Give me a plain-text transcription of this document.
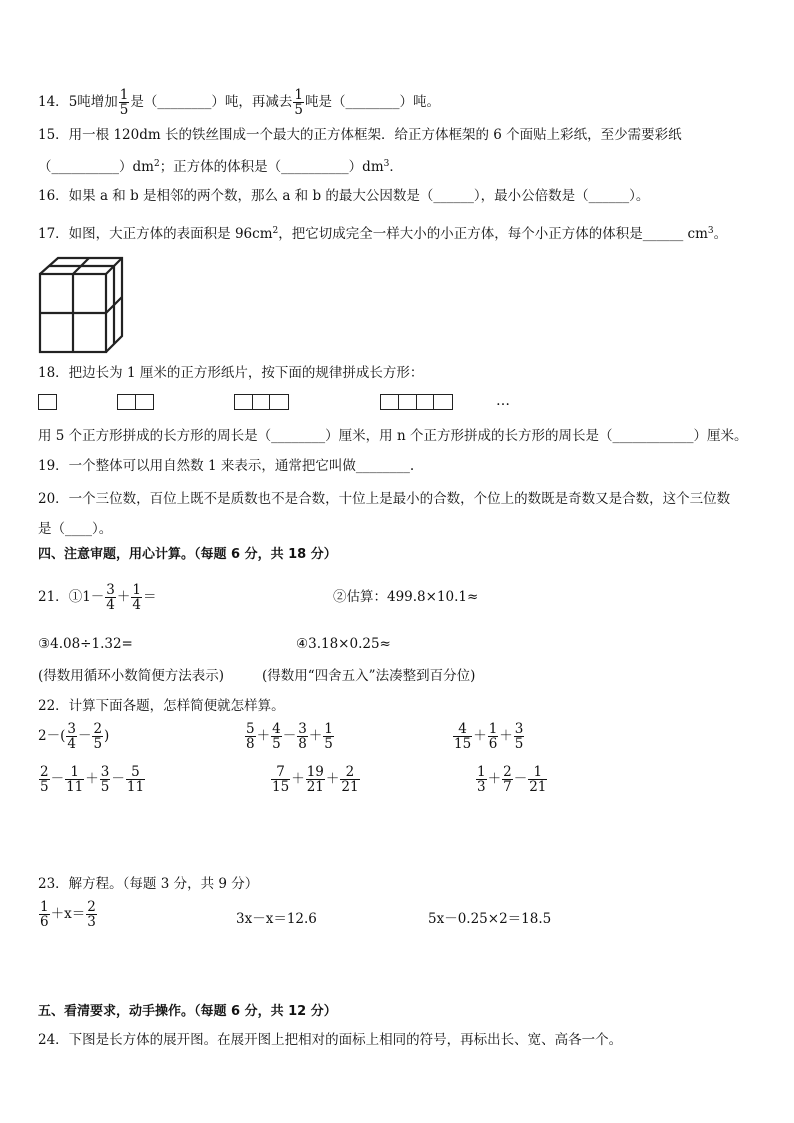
14．5吨增加 $\frac{1}{5}$ 是（________）吨，再减去 $\frac{1}{5}$ 吨是（________）吨。
15．用一根 120dm 长的铁丝围成一个最大的正方体框架．给正方体框架的 6 个面贴上彩纸，至少需要彩纸
$(\_\_\_\_\_\_\_\_\_\_)dm^2$；正方体的体积是$(\_\_\_\_\_\_\_\_\_\_)dm^3$．
16．如果 a 和 b 是相邻的两个数，那么 a 和 b 的最大公因数是（______），最小公倍数是（______）。
17．如图，大正方体的表面积是 $96cm^2$，把它切成完全一样大小的小正方体，每个小正方体的体积是______ $cm^3$。
18．把边长为 1 厘米的正方形纸片，按下面的规律拼成长方形：
…
用 5 个正方形拼成的长方形的周长是（________）厘米，用 n 个正方形拼成的长方形的周长是（____________）厘米。
19．一个整体可以用自然数 1 来表示，通常把它叫做________.
20．一个三位数，百位上既不是质数也不是合数，十位上是最小的合数，个位上的数既是奇数又是合数，这个三位数
是（____）。
四、注意审题，用心计算。（每题 6 分，共 18 分）
21．①1－ $\frac{3}{4} + \frac{1}{4}$ ＝	②估算：499.8×10.1≈
③4.08÷1.32=	④3.18×0.25≈
(得数用循环小数简便方法表示)	(得数用“四舍五入”法凑整到百分位)
22．计算下面各题，怎样简便就怎样算。
$2-( \frac{3}{4} - \frac{2}{5}$ )	$\frac{5}{8} + \frac{4}{5} - \frac{3}{8} + \frac{1}{5}$	$\frac{4}{15} + \frac{1}{6} + \frac{3}{5}$
$\frac{2}{5} - \frac{1}{11} + \frac{3}{5} - \frac{5}{11}$	$\frac{7}{15} + \frac{19}{21} + \frac{2}{21}$	$\frac{1}{3} + \frac{2}{7} - \frac{1}{21}$
23．解方程。（每题 3 分，共 9 分）
$\frac{1}{6} +x= \frac{2}{3}$	3x－x＝12.6	5x－0.25×2＝18.5
五、看清要求，动手操作。（每题 6 分，共 12 分）
24．下图是长方体的展开图。在展开图上把相对的面标上相同的符号，再标出长、宽、高各一个。
